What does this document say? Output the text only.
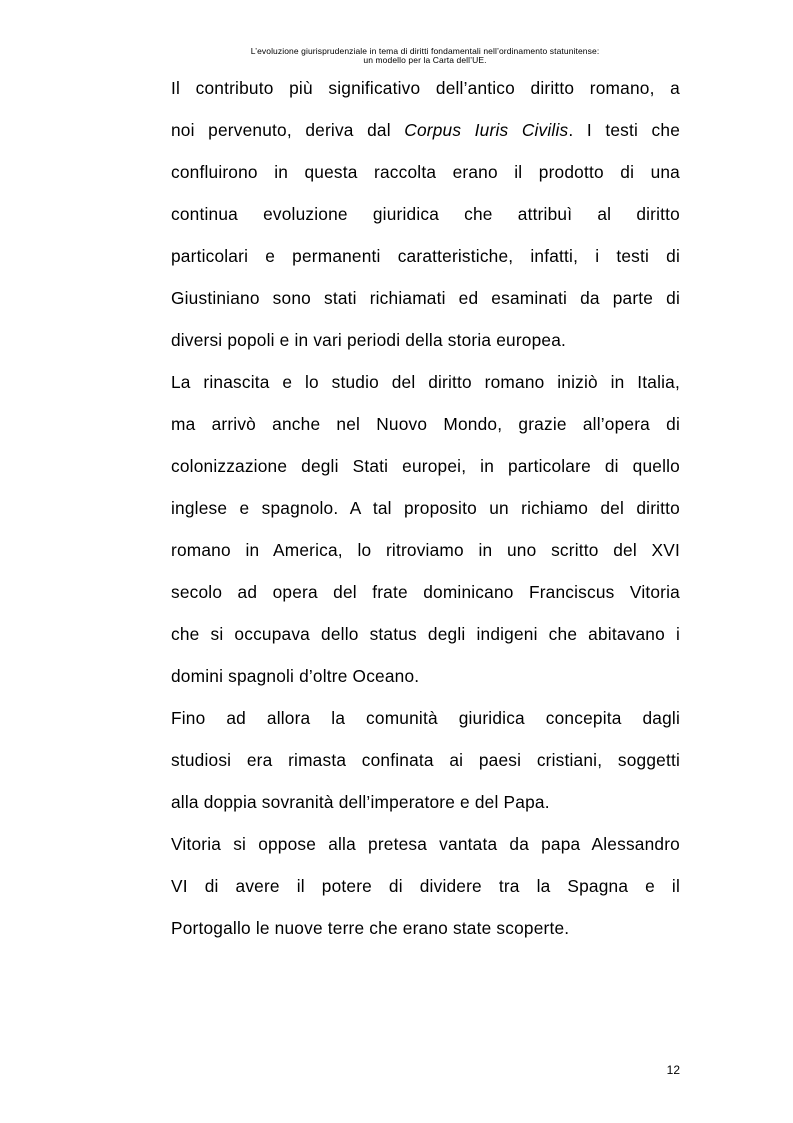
L’evoluzione giurisprudenziale in tema di diritti fondamentali nell’ordinamento statunitense:
un modello per la Carta dell’UE.
Il contributo più significativo dell’antico diritto romano, a
noi pervenuto, deriva dal Corpus Iuris Civilis. I testi che
confluirono in questa raccolta erano il prodotto di una
continua evoluzione giuridica che attribuì al diritto
particolari e permanenti caratteristiche, infatti, i testi di
Giustiniano sono stati richiamati ed esaminati da parte di
diversi popoli e in vari periodi della storia europea.
La rinascita e lo studio del diritto romano iniziò in Italia,
ma arrivò anche nel Nuovo Mondo, grazie all’opera di
colonizzazione degli Stati europei, in particolare di quello
inglese e spagnolo. A tal proposito un richiamo del diritto
romano in America, lo ritroviamo in uno scritto del XVI
secolo ad opera del frate dominicano Franciscus Vitoria
che si occupava dello status degli indigeni che abitavano i
domini spagnoli d’oltre Oceano.
Fino ad allora la comunità giuridica concepita dagli
studiosi era rimasta confinata ai paesi cristiani, soggetti
alla doppia sovranità dell’imperatore e del Papa.
Vitoria si oppose alla pretesa vantata da papa Alessandro
VI di avere il potere di dividere tra la Spagna e il
Portogallo le nuove terre che erano state scoperte.
12
